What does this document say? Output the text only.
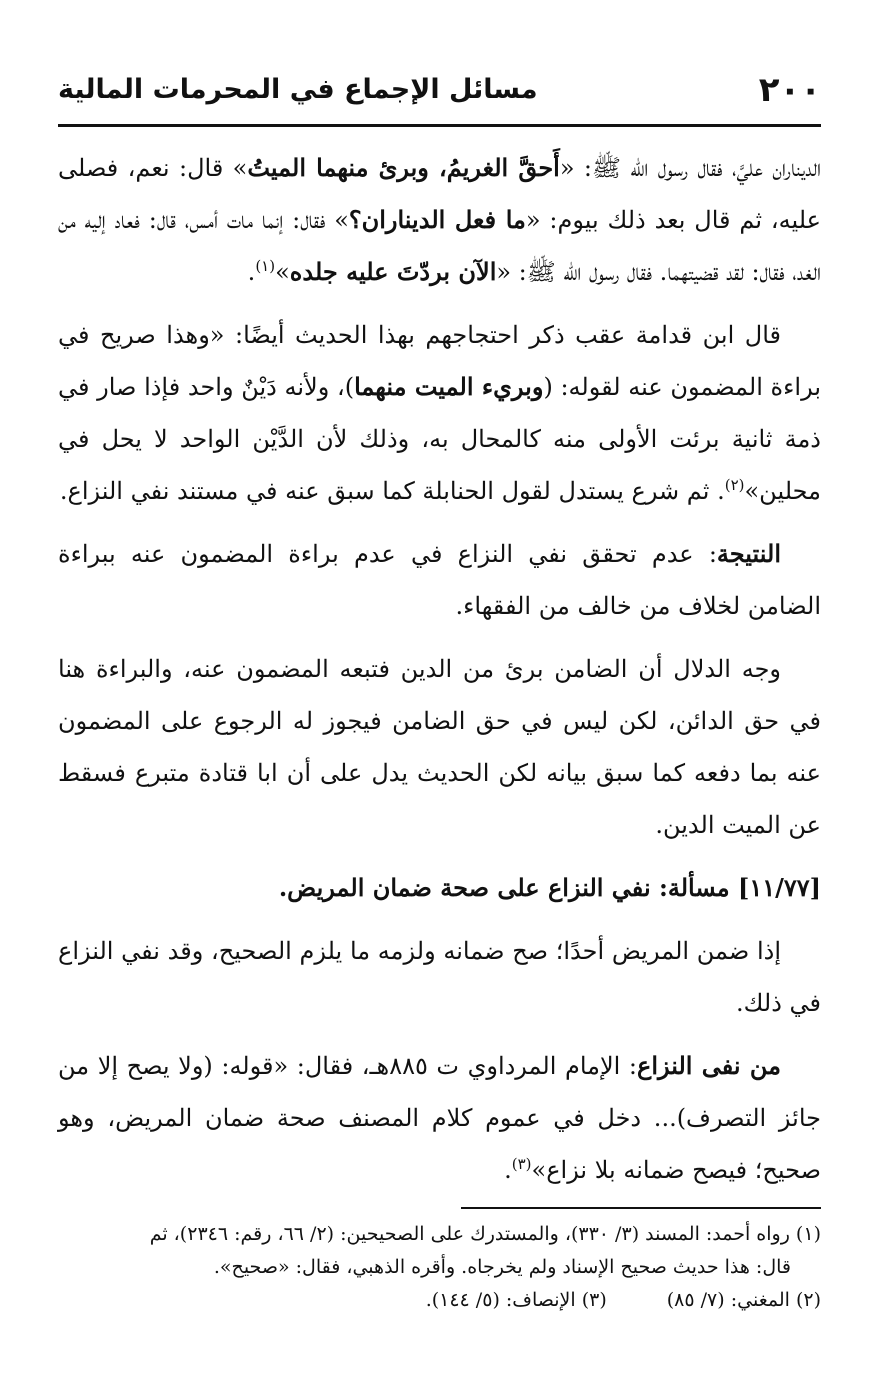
٢٠٠
مسائل الإجماع في المحرمات المالية

الديناران عليَّ، فقال رسول الله ﷺ: «أَحقَّ الغريمُ، وبرئ منهما الميتُ» قال: نعم، فصلى عليه، ثم قال بعد ذلك بيوم: «ما فعل الديناران؟» فقال: إنما مات أمس، قال: فعاد إليه من الغد، فقال: لقد قضيتهما. فقال رسول الله ﷺ: «الآن بردّتَ عليه جلده»$^{(١)}$.

قال ابن قدامة عقب ذكر احتجاجهم بهذا الحديث أيضًا: «وهذا صريح في براءة المضمون عنه لقوله: (وبريء الميت منهما)، ولأنه دَيْنٌ واحد فإذا صار في ذمة ثانية برئت الأولى منه كالمحال به، وذلك لأن الدَّيْن الواحد لا يحل في محلين»$^{(٢)}$. ثم شرع يستدل لقول الحنابلة كما سبق عنه في مستند نفي النزاع.

النتيجة: عدم تحقق نفي النزاع في عدم براءة المضمون عنه ببراءة الضامن لخلاف من خالف من الفقهاء.

وجه الدلال أن الضامن برئ من الدين فتبعه المضمون عنه، والبراءة هنا في حق الدائن، لكن ليس في حق الضامن فيجوز له الرجوع على المضمون عنه بما دفعه كما سبق بيانه لكن الحديث يدل على أن ابا قتادة متبرع فسقط عن الميت الدين.

[١١/٧٧] مسألة: نفي النزاع على صحة ضمان المريض.

إذا ضمن المريض أحدًا؛ صح ضمانه ولزمه ما يلزم الصحيح، وقد نفي النزاع في ذلك.

من نفى النزاع: الإمام المرداوي ت ٨٨٥هـ، فقال: «قوله: (ولا يصح إلا من جائز التصرف)... دخل في عموم كلام المصنف صحة ضمان المريض، وهو صحيح؛ فيصح ضمانه بلا نزاع»$^{(٣)}$.

(١) رواه أحمد: المسند (٣/ ٣٣٠)، والمستدرك على الصحيحين: (٢/ ٦٦، رقم: ٢٣٤٦)، ثم

قال: هذا حديث صحيح الإسناد ولم يخرجاه. وأقره الذهبي، فقال: «صحيح».

(٢) المغني: (٧/ ٨٥)
(٣) الإنصاف: (٥/ ١٤٤).
